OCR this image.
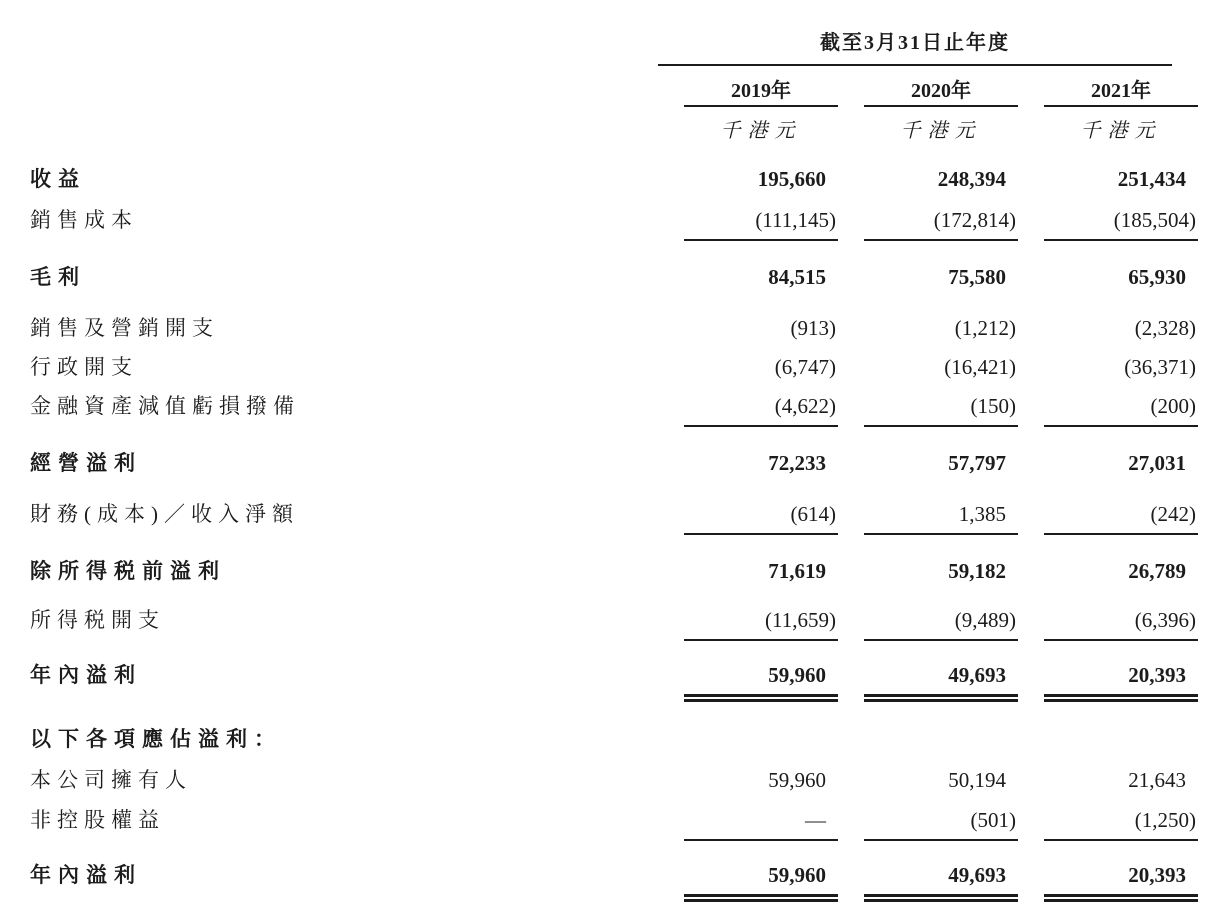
截至3月31日止年度
2019年	2020年	2021年
千港元	千港元	千港元
收益	195,660	248,394	251,434
銷售成本	(111,145)	(172,814)	(185,504)
毛利	84,515	75,580	65,930
銷售及營銷開支	(913)	(1,212)	(2,328)
行政開支	(6,747)	(16,421)	(36,371)
金融資產減值虧損撥備	(4,622)	(150)	(200)
經營溢利	72,233	57,797	27,031
財務(成本)／收入淨額	(614)	1,385	(242)
除所得税前溢利	71,619	59,182	26,789
所得税開支	(11,659)	(9,489)	(6,396)
年內溢利	59,960	49,693	20,393
以下各項應佔溢利：
本公司擁有人	59,960	50,194	21,643
非控股權益	—	(501)	(1,250)
年內溢利	59,960	49,693	20,393
